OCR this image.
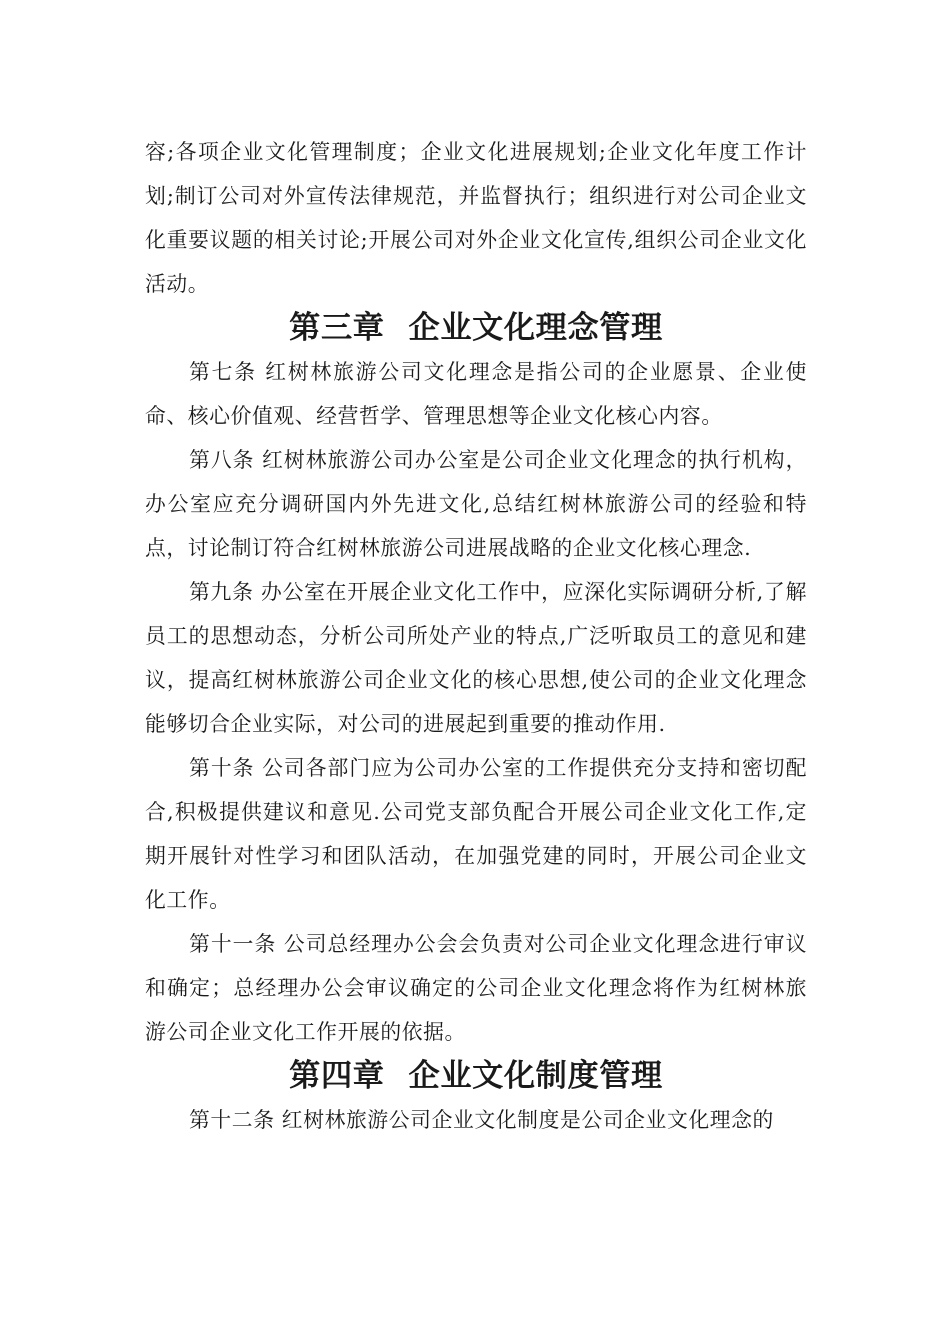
容;各项企业文化管理制度；企业文化进展规划;企业文化年度工作计划;制订公司对外宣传法律规范，并监督执行；组织进行对公司企业文化重要议题的相关讨论;开展公司对外企业文化宣传,组织公司企业文化活动。

第三章 企业文化理念管理

第七条 红树林旅游公司文化理念是指公司的企业愿景、企业使命、核心价值观、经营哲学、管理思想等企业文化核心内容。

第八条 红树林旅游公司办公室是公司企业文化理念的执行机构，办公室应充分调研国内外先进文化,总结红树林旅游公司的经验和特点，讨论制订符合红树林旅游公司进展战略的企业文化核心理念.

第九条 办公室在开展企业文化工作中，应深化实际调研分析,了解员工的思想动态，分析公司所处产业的特点,广泛听取员工的意见和建议，提高红树林旅游公司企业文化的核心思想,使公司的企业文化理念能够切合企业实际，对公司的进展起到重要的推动作用.

第十条 公司各部门应为公司办公室的工作提供充分支持和密切配合,积极提供建议和意见.公司党支部负配合开展公司企业文化工作,定期开展针对性学习和团队活动，在加强党建的同时，开展公司企业文化工作。

第十一条 公司总经理办公会会负责对公司企业文化理念进行审议和确定；总经理办公会审议确定的公司企业文化理念将作为红树林旅游公司企业文化工作开展的依据。

第四章 企业文化制度管理

第十二条 红树林旅游公司企业文化制度是公司企业文化理念的
